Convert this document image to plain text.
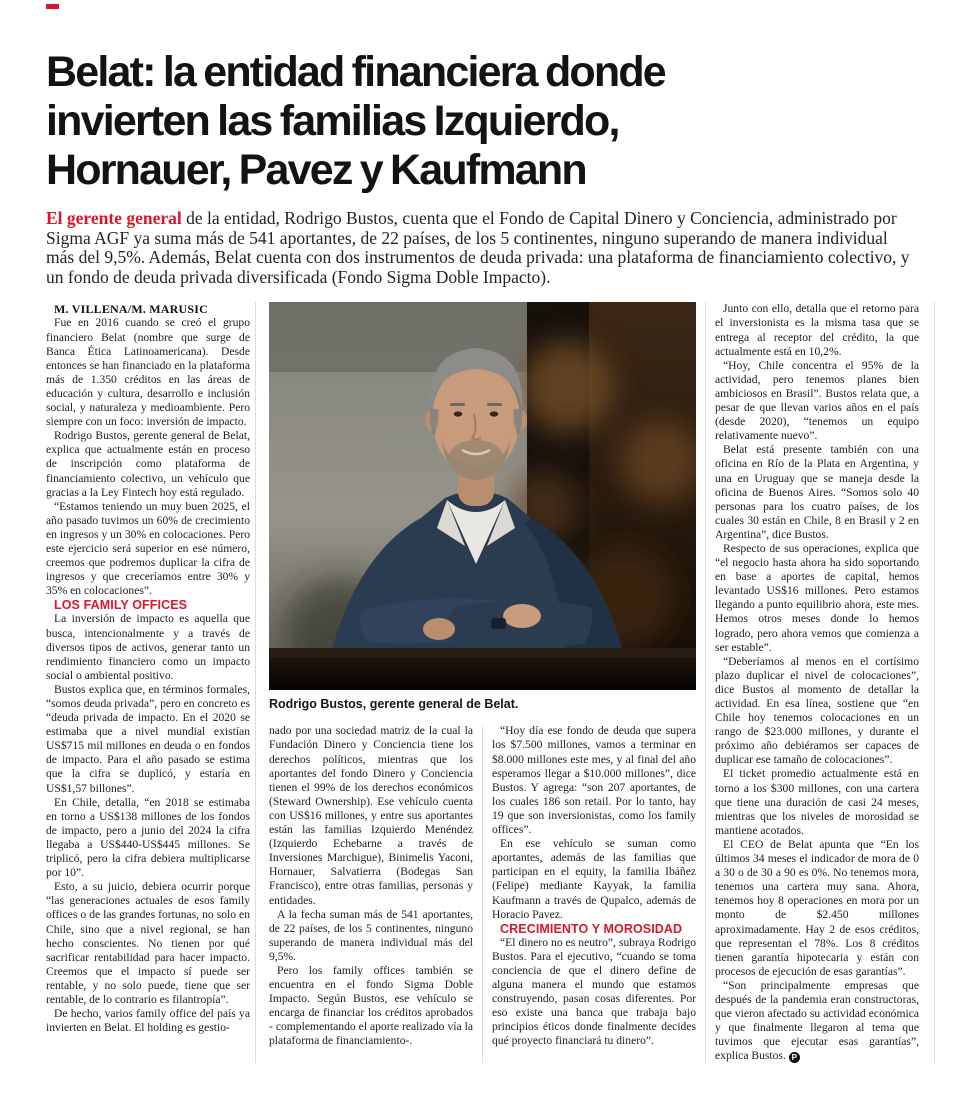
Belat: la entidad financiera donde
invierten las familias Izquierdo,
Hornauer, Pavez y Kaufmann

El gerente general de la entidad, Rodrigo Bustos, cuenta que el Fondo de Capital Dinero y Conciencia, administrado por Sigma AGF ya suma más de 541 aportantes, de 22 países, de los 5 continentes, ninguno superando de manera individual más del 9,5%. Además, Belat cuenta con dos instrumentos de deuda privada: una plataforma de financiamiento colectivo, y un fondo de deuda privada diversificada (Fondo Sigma Doble Impacto).

M. VILLENA/M. MARUSIC

Fue en 2016 cuando se creó el grupo financiero Belat (nombre que surge de Banca Ética Latinoamericana). Desde entonces se han financiado en la plataforma más de 1.350 créditos en las áreas de educación y cultura, desarrollo e inclusión social, y naturaleza y medioambiente. Pero siempre con un foco: inversión de impacto.

Rodrigo Bustos, gerente general de Belat, explica que actualmente están en proceso de inscripción como plataforma de financiamiento colectivo, un vehículo que gracias a la Ley Fintech hoy está regulado.

“Estamos teniendo un muy buen 2025, el año pasado tuvimos un 60% de crecimiento en ingresos y un 30% en colocaciones. Pero este ejercicio será superior en ese número, creemos que podremos duplicar la cifra de ingresos y que creceríamos entre 30% y 35% en colocaciones”.

LOS FAMILY OFFICES

La inversión de impacto es aquella que busca, intencionalmente y a través de diversos tipos de activos, generar tanto un rendimiento financiero como un impacto social o ambiental positivo.

Bustos explica que, en términos formales, “somos deuda privada”, pero en concreto es “deuda privada de impacto. En el 2020 se estimaba que a nivel mundial existían US$715 mil millones en deuda o en fondos de impacto. Para el año pasado se estima que la cifra se duplicó, y estaría en US$1,57 billones”.

En Chile, detalla, “en 2018 se estimaba en torno a US$138 millones de los fondos de impacto, pero a junio del 2024 la cifra llegaba a US$440-US$445 millones. Se triplicó, pero la cifra debiera multiplicarse por 10”.

Esto, a su juicio, debiera ocurrir porque “las generaciones actuales de esos family offices o de las grandes fortunas, no solo en Chile, sino que a nivel regional, se han hecho conscientes. No tienen por qué sacrificar rentabilidad para hacer impacto. Creemos que el impacto sí puede ser rentable, y no solo puede, tiene que ser rentable, de lo contrario es filantropía”.

De hecho, varios family office del país ya invierten en Belat. El holding es gestio-

Rodrigo Bustos, gerente general de Belat.

nado por una sociedad matriz de la cual la Fundación Dinero y Conciencia tiene los derechos políticos, mientras que los aportantes del fondo Dinero y Conciencia tienen el 99% de los derechos económicos (Steward Ownership). Ese vehículo cuenta con US$16 millones, y entre sus aportantes están las familias Izquierdo Menéndez (Izquierdo Echebarne a través de Inversiones Marchigue), Binimelis Yaconi, Hornauer, Salvatierra (Bodegas San Francisco), entre otras familias, personas y entidades.

A la fecha suman más de 541 aportantes, de 22 países, de los 5 continentes, ninguno superando de manera individual más del 9,5%.

Pero los family offices también se encuentra en el fondo Sigma Doble Impacto. Según Bustos, ese vehículo se encarga de financiar los créditos aprobados - complementando el aporte realizado vía la plataforma de financiamiento-.

“Hoy día ese fondo de deuda que supera los $7.500 millones, vamos a terminar en $8.000 millones este mes, y al final del año esperamos llegar a $10.000 millones”, dice Bustos. Y agrega: “son 207 aportantes, de los cuales 186 son retail. Por lo tanto, hay 19 que son inversionistas, como los family offices”.

En ese vehículo se suman como aportantes, además de las familias que participan en el equity, la familia Ibáñez (Felipe) mediante Kayyak, la familia Kaufmann a través de Qupalco, además de Horacio Pavez.

CRECIMIENTO Y MOROSIDAD

“El dinero no es neutro”, subraya Rodrigo Bustos. Para el ejecutivo, “cuando se toma conciencia de que el dinero define de alguna manera el mundo que estamos construyendo, pasan cosas diferentes. Por eso existe una banca que trabaja bajo principios éticos donde finalmente decides qué proyecto financiará tu dinero”.

Junto con ello, detalla que el retorno para el inversionista es la misma tasa que se entrega al receptor del crédito, la que actualmente está en 10,2%.

“Hoy, Chile concentra el 95% de la actividad, pero tenemos planes bien ambiciosos en Brasil”. Bustos relata que, a pesar de que llevan varios años en el país (desde 2020), “tenemos un equipo relativamente nuevo”.

Belat está presente también con una oficina en Río de la Plata en Argentina, y una en Uruguay que se maneja desde la oficina de Buenos Aires. “Somos solo 40 personas para los cuatro países, de los cuales 30 están en Chile, 8 en Brasil y 2 en Argentina”, dice Bustos.

Respecto de sus operaciones, explica que “el negocio hasta ahora ha sido soportando en base a aportes de capital, hemos levantado US$16 millones. Pero estamos llegando a punto equilibrio ahora, este mes. Hemos otros meses donde lo hemos logrado, pero ahora vemos que comienza a ser estable”.

“Deberíamos al menos en el cortísimo plazo duplicar el nivel de colocaciones”, dice Bustos al momento de detallar la actividad. En esa línea, sostiene que “en Chile hoy tenemos colocaciones en un rango de $23.000 millones, y durante el próximo año debiéramos ser capaces de duplicar ese tamaño de colocaciones”.

El ticket promedio actualmente está en torno a los $300 millones, con una cartera que tiene una duración de casi 24 meses, mientras que los niveles de morosidad se mantiene acotados.

El CEO de Belat apunta que “En los últimos 34 meses el indicador de mora de 0 a 30 o de 30 a 90 es 0%. No tenemos mora, tenemos una cartera muy sana. Ahora, tenemos hoy 8 operaciones en mora por un monto de $2.450 millones aproximadamente. Hay 2 de esos créditos, que representan el 78%. Los 8 créditos tienen garantía hipotecaria y están con procesos de ejecución de esas garantías”.

“Son principalmente empresas que después de la pandemia eran constructoras, que vieron afectado su actividad económica y que finalmente llegaron al tema que tuvimos que ejecutar esas garantías”, explica Bustos. P
